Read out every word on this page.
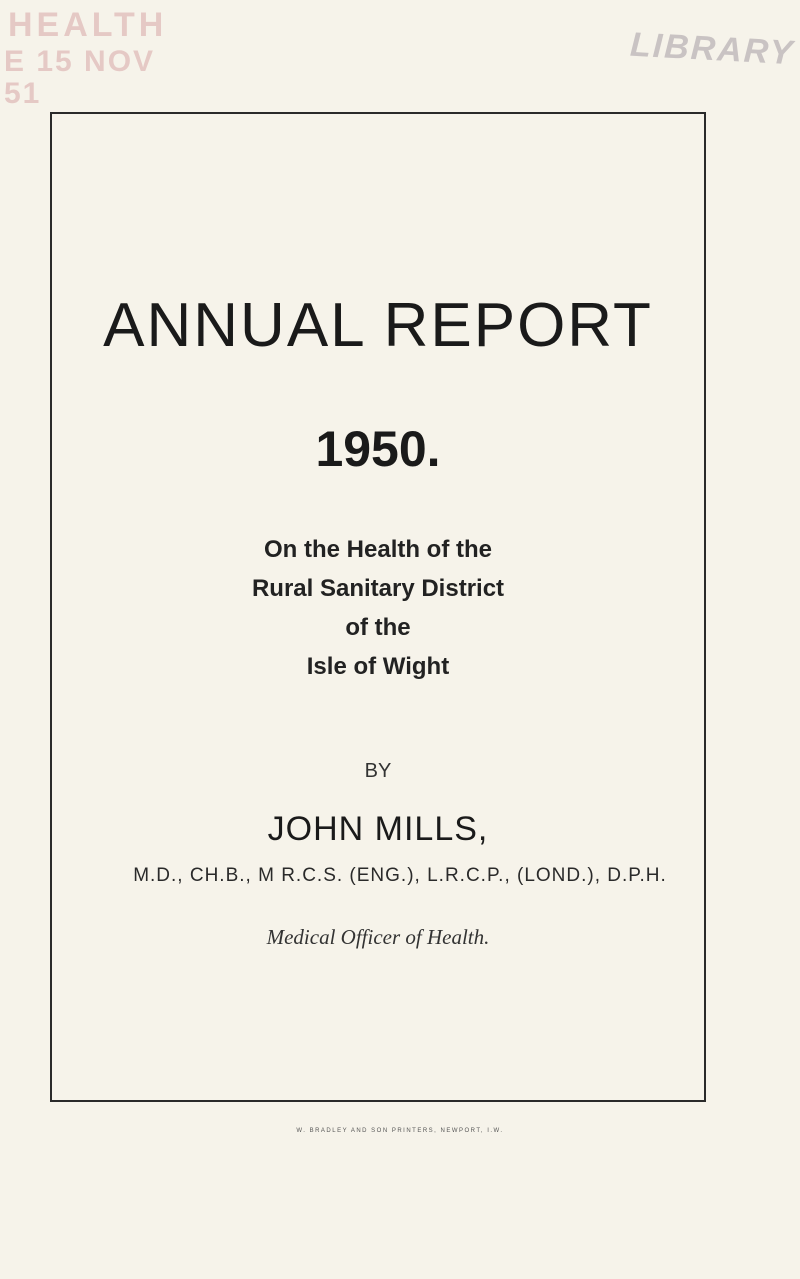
HEALTH
E 15 NOV 51
LIBRARY
ANNUAL REPORT
1950.
On the Health of the
Rural Sanitary District
of the
Isle of Wight
BY
JOHN MILLS,
M.D., CH.B., M R.C.S. (ENG.), L.R.C.P., (LOND.), D.P.H.
Medical Officer of Health.
W. BRADLEY AND SON PRINTERS, NEWPORT, I.W.
